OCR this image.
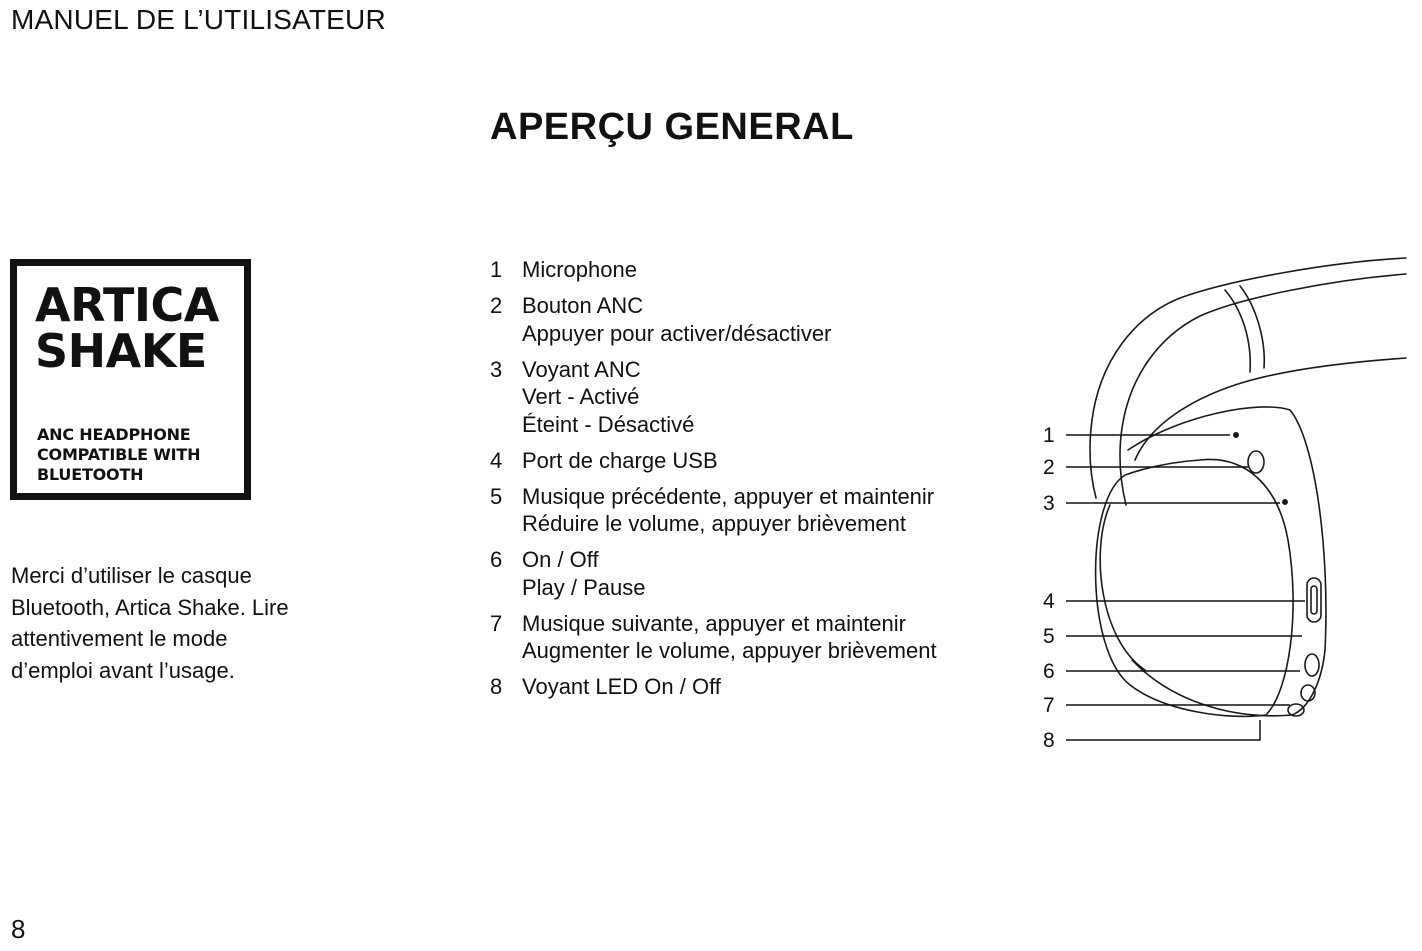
MANUEL DE L’UTILISATEUR
APERÇU GENERAL
ARTICA
SHAKE
ANC HEADPHONE
COMPATIBLE WITH
BLUETOOTH
Merci d’utiliser le casque Bluetooth, Artica Shake. Lire attentivement le mode d’emploi avant l’usage.
1 Microphone
2 Bouton ANC
Appuyer pour activer/désactiver
3 Voyant ANC
Vert - Activé
Éteint - Désactivé
4 Port de charge USB
5 Musique précédente, appuyer et maintenir
Réduire le volume, appuyer brièvement
6 On / Off
Play / Pause
7 Musique suivante, appuyer et maintenir
Augmenter le volume, appuyer brièvement
8 Voyant LED On / Off
1
2
3
4
5
6
7
8
8
